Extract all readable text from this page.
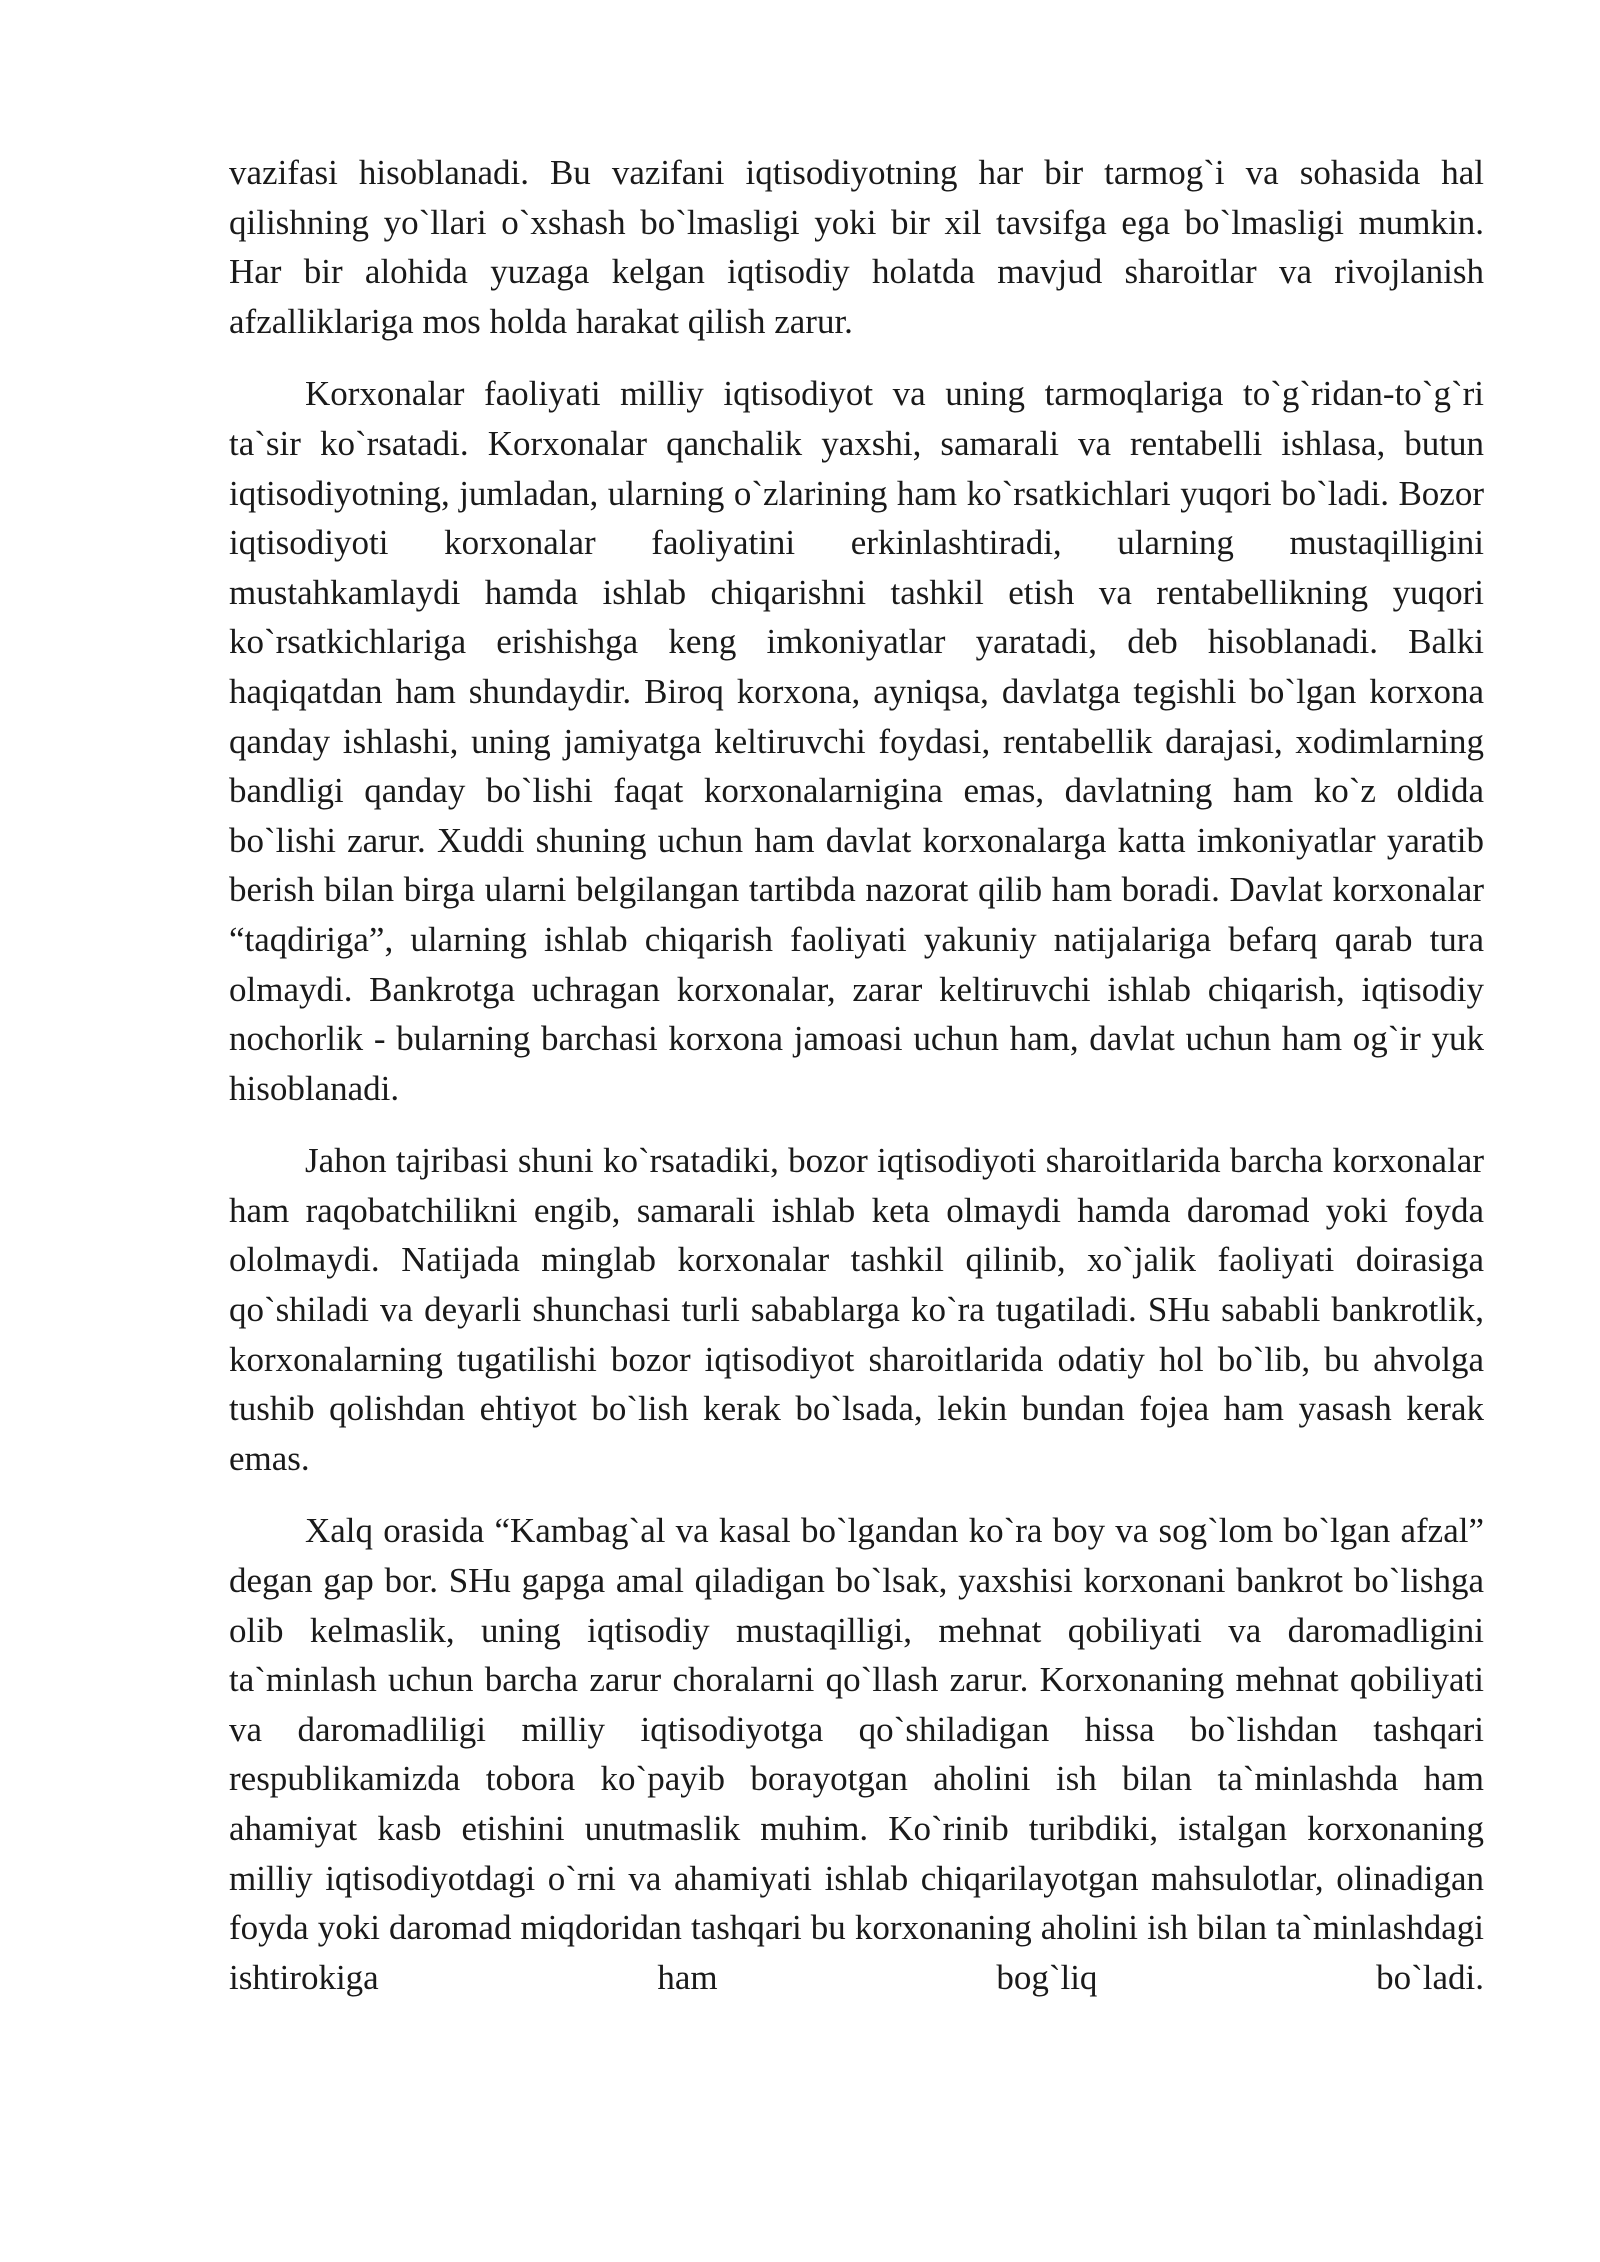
vazifasi hisoblanadi. Bu vazifani iqtisodiyotning har bir tarmog`i va sohasida hal qilishning yo`llari o`xshash bo`lmasligi yoki bir xil tavsifga ega bo`lmasligi mumkin. Har bir alohida yuzaga kelgan iqtisodiy holatda mavjud sharoitlar va rivojlanish afzalliklariga mos holda harakat qilish zarur.

Korxonalar faoliyati milliy iqtisodiyot va uning tarmoqlariga to`g`ridan-to`g`ri ta`sir ko`rsatadi. Korxonalar qanchalik yaxshi, samarali va rentabelli ishlasa, butun iqtisodiyotning, jumladan, ularning o`zlarining ham ko`rsatkichlari yuqori bo`ladi. Bozor iqtisodiyoti korxonalar faoliyatini erkinlashtiradi, ularning mustaqilligini mustahkamlaydi hamda ishlab chiqarishni tashkil etish va rentabellikning yuqori ko`rsatkichlariga erishishga keng imkoniyatlar yaratadi, deb hisoblanadi. Balki haqiqatdan ham shundaydir. Biroq korxona, ayniqsa, davlatga tegishli bo`lgan korxona qanday ishlashi, uning jamiyatga keltiruvchi foydasi, rentabellik darajasi, xodimlarning bandligi qanday bo`lishi faqat korxonalarnigina emas, davlatning ham ko`z oldida bo`lishi zarur. Xuddi shuning uchun ham davlat korxonalarga katta imkoniyatlar yaratib berish bilan birga ularni belgilangan tartibda nazorat qilib ham boradi. Davlat korxonalar “taqdiriga”, ularning ishlab chiqarish faoliyati yakuniy natijalariga befarq qarab tura olmaydi. Bankrotga uchragan korxonalar, zarar keltiruvchi ishlab chiqarish, iqtisodiy nochorlik - bularning barchasi korxona jamoasi uchun ham, davlat uchun ham og`ir yuk hisoblanadi.

Jahon tajribasi shuni ko`rsatadiki, bozor iqtisodiyoti sharoitlarida barcha korxonalar ham raqobatchilikni engib, samarali ishlab keta olmaydi hamda daromad yoki foyda ololmaydi. Natijada minglab korxonalar tashkil qilinib, xo`jalik faoliyati doirasiga qo`shiladi va deyarli shunchasi turli sabablarga ko`ra tugatiladi. SHu sababli bankrotlik, korxonalarning tugatilishi bozor iqtisodiyot sharoitlarida odatiy hol bo`lib, bu ahvolga tushib qolishdan ehtiyot bo`lish kerak bo`lsada, lekin bundan fojea ham yasash kerak emas.

Xalq orasida “Kambag`al va kasal bo`lgandan ko`ra boy va sog`lom bo`lgan afzal” degan gap bor. SHu gapga amal qiladigan bo`lsak, yaxshisi korxonani bankrot bo`lishga olib kelmaslik, uning iqtisodiy mustaqilligi, mehnat qobiliyati va daromadligini ta`minlash uchun barcha zarur choralarni qo`llash zarur. Korxonaning mehnat qobiliyati va daromadliligi milliy iqtisodiyotga qo`shiladigan hissa bo`lishdan tashqari respublikamizda tobora ko`payib borayotgan aholini ish bilan ta`minlashda ham ahamiyat kasb etishini unutmaslik muhim. Ko`rinib turibdiki, istalgan korxonaning milliy iqtisodiyotdagi o`rni va ahamiyati ishlab chiqarilayotgan mahsulotlar, olinadigan foyda yoki daromad miqdoridan tashqari bu korxonaning aholini ish bilan ta`minlashdagi ishtirokiga ham bog`liq bo`ladi.
